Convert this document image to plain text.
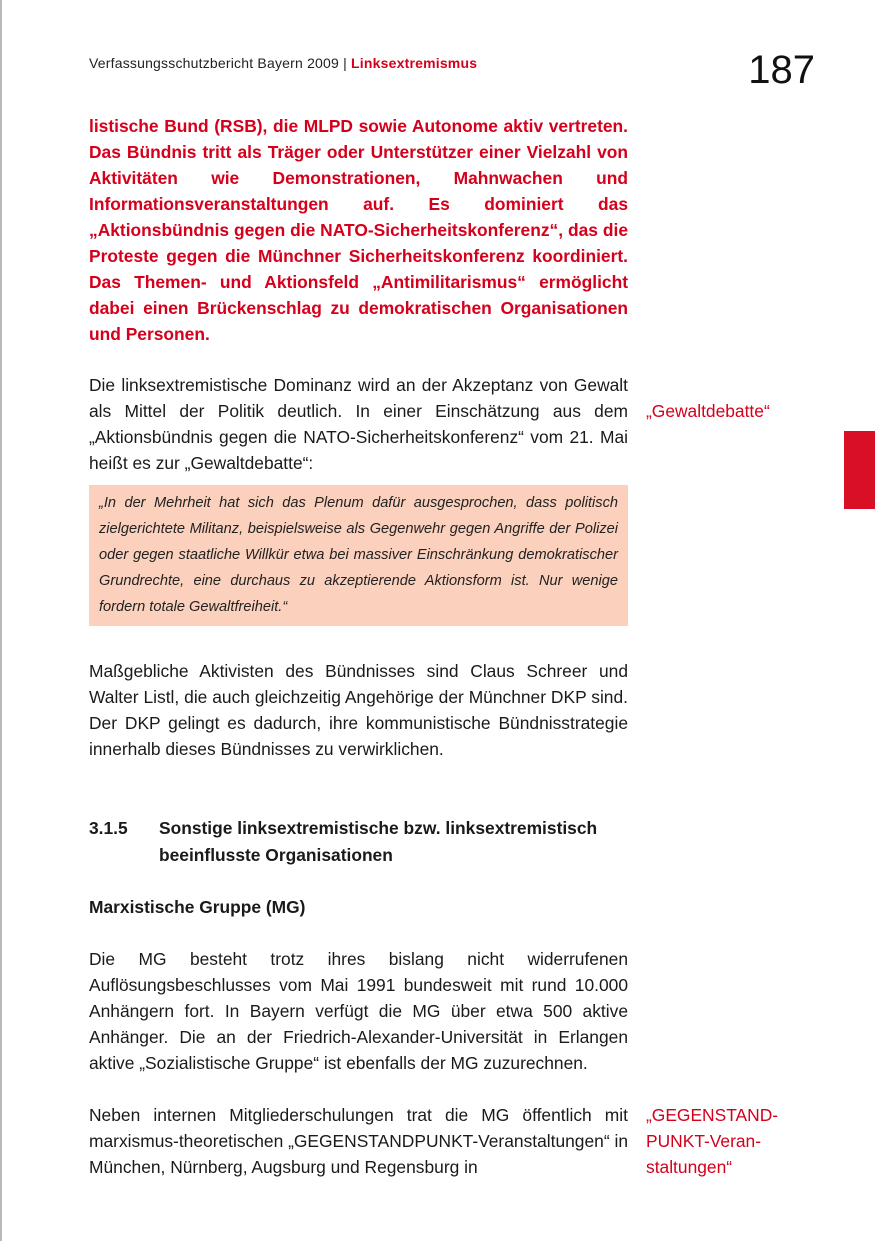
Verfassungsschutzbericht Bayern 2009 | Linksextremismus	187

listische Bund (RSB), die MLPD sowie Autonome aktiv vertreten. Das Bündnis tritt als Träger oder Unterstützer einer Vielzahl von Aktivitäten wie Demonstrationen, Mahnwachen und Informationsveranstaltungen auf. Es dominiert das „Aktionsbündnis gegen die NATO-Sicherheitskonferenz“, das die Proteste gegen die Münchner Sicherheitskonferenz koordiniert. Das Themen- und Aktionsfeld „Antimilitarismus“ ermöglicht dabei einen Brückenschlag zu demokratischen Organisationen und Personen.

Die linksextremistische Dominanz wird an der Akzeptanz von Gewalt als Mittel der Politik deutlich. In einer Einschätzung aus dem „Aktionsbündnis gegen die NATO-Sicherheitskonferenz“ vom 21. Mai heißt es zur „Gewaltdebatte“:

„Gewaltdebatte“

„In der Mehrheit hat sich das Plenum dafür ausgesprochen, dass politisch zielgerichtete Militanz, beispielsweise als Gegenwehr gegen Angriffe der Polizei oder gegen staatliche Willkür etwa bei massiver Einschränkung demokratischer Grundrechte, eine durchaus zu akzeptierende Aktionsform ist. Nur wenige fordern totale Gewaltfreiheit.“

Maßgebliche Aktivisten des Bündnisses sind Claus Schreer und Walter Listl, die auch gleichzeitig Angehörige der Münchner DKP sind. Der DKP gelingt es dadurch, ihre kommunistische Bündnisstrategie innerhalb dieses Bündnisses zu verwirklichen.

3.1.5 Sonstige linksextremistische bzw. linksextremistisch beeinflusste Organisationen
Marxistische Gruppe (MG)

Die MG besteht trotz ihres bislang nicht widerrufenen Auflösungsbeschlusses vom Mai 1991 bundesweit mit rund 10.000 Anhängern fort. In Bayern verfügt die MG über etwa 500 aktive Anhänger. Die an der Friedrich-Alexander-Universität in Erlangen aktive „Sozialistische Gruppe“ ist ebenfalls der MG zuzurechnen.

Neben internen Mitgliederschulungen trat die MG öffentlich mit marxismus-theoretischen „GEGENSTANDPUNKT-Veranstaltungen“ in München, Nürnberg, Augsburg und Regensburg in

„GEGENSTAND-
PUNKT-Veran-
staltungen“
